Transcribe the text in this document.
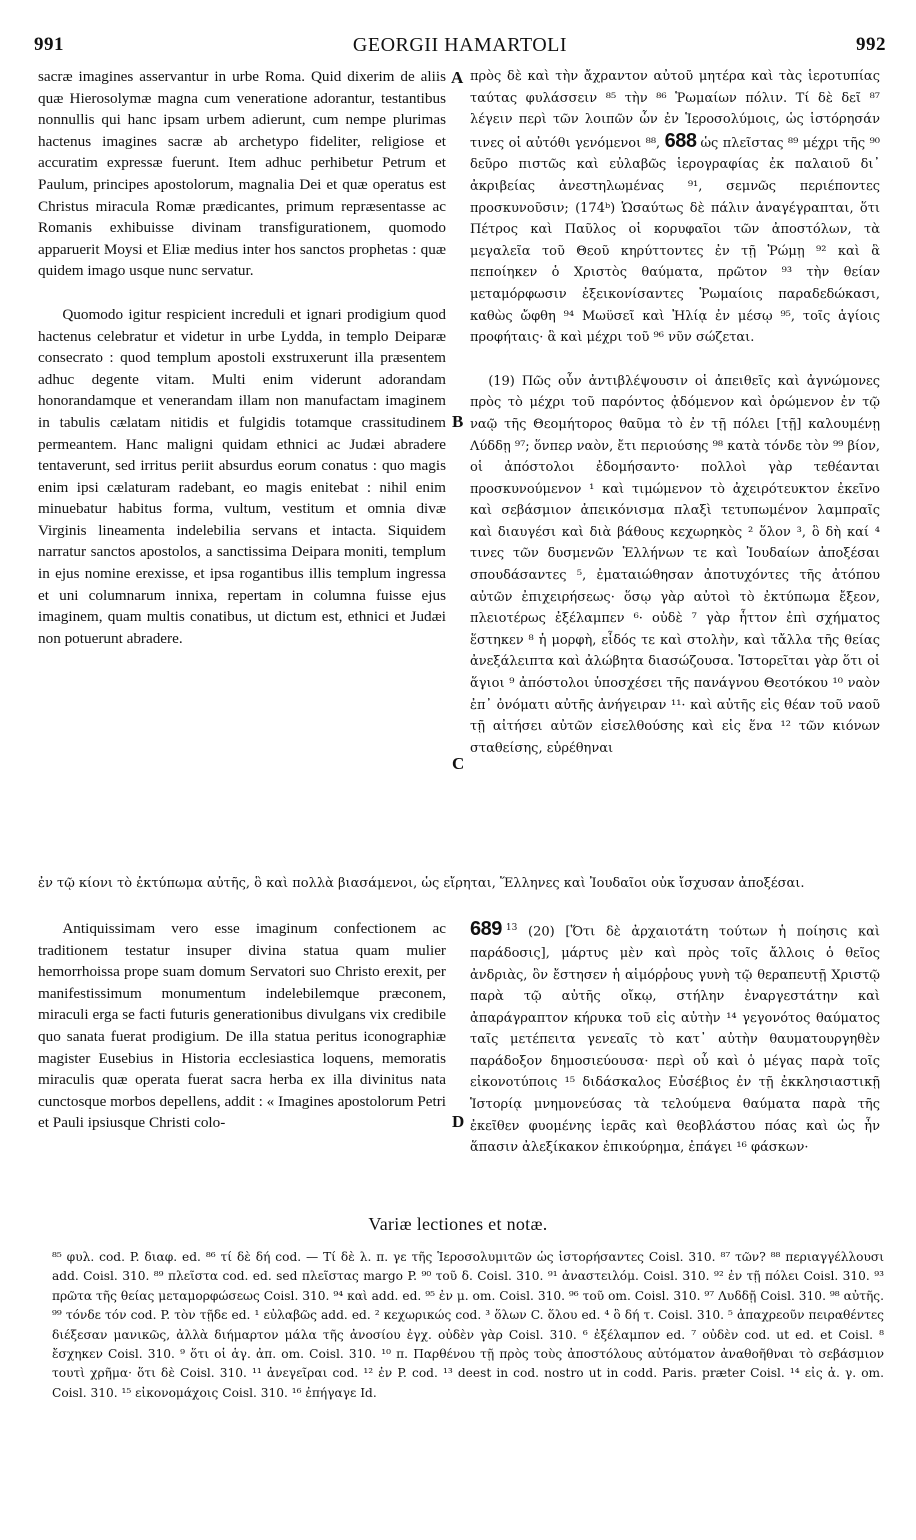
991	GEORGII HAMARTOLI	992
A
B
C
D

sacræ imagines asservantur in urbe Roma. Quid dixerim de aliis quæ Hierosolymæ magna cum veneratione adorantur, testantibus nonnullis qui hanc ipsam urbem adierunt, cum nempe plurimas hactenus imagines sacræ ab archetypo fideliter, religiose et accuratim expressæ fuerunt. Item adhuc perhibetur Petrum et Paulum, principes apostolorum, magnalia Dei et quæ operatus est Christus miracula Romæ prædicantes, primum repræsentasse ac Romanis exhibuisse divinam transfigurationem, quomodo apparuerit Moysi et Eliæ medius inter hos sanctos prophetas : quæ quidem imago usque nunc servatur.

Quomodo igitur respicient increduli et ignari prodigium quod hactenus celebratur et videtur in urbe Lydda, in templo Deiparæ consecrato : quod templum apostoli exstruxerunt illa præsentem adhuc degente vitam. Multi enim viderunt adorandam honorandamque et venerandam illam non manufactam imaginem in tabulis cælatam nitidis et fulgidis totamque crassitudinem permeantem. Hanc maligni quidam ethnici ac Judæi abradere tentaverunt, sed irritus periit absurdus eorum conatus : quo magis enim ipsi cælaturam radebant, eo magis enitebat : nihil enim minuebatur habitus forma, vultum, vestitum et omnia divæ Virginis lineamenta indelebilia servans et intacta. Siquidem narratur sanctos apostolos, a sanctissima Deipara moniti, templum in ejus nomine erexisse, et ipsa rogantibus illis templum ingressa et uni columnarum innixa, repertam in columna fuisse ejus imaginem, quam multis conatibus, ut dictum est, ethnici et Judæi non potuerunt abradere.

πρὸς δὲ καὶ τὴν ἄχραντον αὐτοῦ μητέρα καὶ τὰς ἱεροτυπίας ταύτας φυλάσσειν ⁸⁵ τὴν ⁸⁶ Ῥωμαίων πόλιν. Τί δὲ δεῖ ⁸⁷ λέγειν περὶ τῶν λοιπῶν ὧν ἐν Ἱεροσολύμοις, ὡς ἱστόρησάν τινες οἱ αὐτόθι γενόμενοι ⁸⁸, 688 ὡς πλεῖστας ⁸⁹ μέχρι τῆς ⁹⁰ δεῦρο πιστῶς καὶ εὐλαβῶς ἱερογραφίας ἐκ παλαιοῦ δι᾽ ἀκριβείας ἀνεστηλωμένας ⁹¹, σεμνῶς περιέποντες προσκυνοῦσιν; (174ᵇ) Ὡσαύτως δὲ πάλιν ἀναγέγραπται, ὅτι Πέτρος καὶ Παῦλος οἱ κορυφαῖοι τῶν ἀποστόλων, τὰ μεγαλεῖα τοῦ Θεοῦ κηρύττοντες ἐν τῇ Ῥώμῃ ⁹² καὶ ἃ πεποίηκεν ὁ Χριστὸς θαύματα, πρῶτον ⁹³ τὴν θείαν μεταμόρφωσιν ἐξεικονίσαντες Ῥωμαίοις παραδεδώκασι, καθὼς ὤφθη ⁹⁴ Μωϋσεῖ καὶ Ἠλίᾳ ἐν μέσῳ ⁹⁵, τοῖς ἁγίοις προφήταις· ἃ καὶ μέχρι τοῦ ⁹⁶ νῦν σώζεται.

(19) Πῶς οὖν ἀντιβλέψουσιν οἱ ἀπειθεῖς καὶ ἀγνώμονες πρὸς τὸ μέχρι τοῦ παρόντος ᾀδόμενον καὶ ὁρώμενον ἐν τῷ ναῷ τῆς Θεομήτορος θαῦμα τὸ ἐν τῇ πόλει [τῇ] καλουμένῃ Λύδδῃ ⁹⁷; ὅνπερ ναὸν, ἔτι περιούσης ⁹⁸ κατὰ τόνδε τὸν ⁹⁹ βίον, οἱ ἀπόστολοι ἐδομήσαντο· πολλοὶ γὰρ τεθέανται προσκυνούμενον ¹ καὶ τιμώμενον τὸ ἀχειρότευκτον ἐκεῖνο καὶ σεβάσμιον ἀπεικόνισμα πλαξὶ τετυπωμένον λαμπραῖς καὶ διαυγέσι καὶ διὰ βάθους κεχωρηκὸς ² ὅλον ³, ὃ δὴ καί ⁴ τινες τῶν δυσμενῶν Ἑλλήνων τε καὶ Ἰουδαίων ἀποξέσαι σπουδάσαντες ⁵, ἐματαιώθησαν ἀποτυχόντες τῆς ἀτόπου αὐτῶν ἐπιχειρήσεως· ὅσῳ γὰρ αὐτοὶ τὸ ἐκτύπωμα ἔξεον, πλειοτέρως ἐξέλαμπεν ⁶· οὐδὲ ⁷ γὰρ ἧττον ἐπὶ σχήματος ἕστηκεν ⁸ ἡ μορφὴ, εἶδός τε καὶ στολὴν, καὶ τἄλλα τῆς θείας ἀνεξάλειπτα καὶ ἀλώβητα διασώζουσα. Ἱστορεῖται γὰρ ὅτι οἱ ἅγιοι ⁹ ἀπόστολοι ὑποσχέσει τῆς πανάγνου Θεοτόκου ¹⁰ ναὸν ἐπ᾽ ὀνόματι αὐτῆς ἀνήγειραν ¹¹· καὶ αὐτῆς εἰς θέαν τοῦ ναοῦ τῇ αἰτήσει αὐτῶν εἰσελθούσης καὶ εἰς ἕνα ¹² τῶν κιόνων σταθείσης, εὑρέθηναι

ἐν τῷ κίονι τὸ ἐκτύπωμα αὐτῆς, ὃ καὶ πολλὰ βιασάμενοι, ὡς εἴρηται, Ἕλληνες καὶ Ἰουδαῖοι οὐκ ἴσχυσαν ἀποξέσαι.

Antiquissimam vero esse imaginum confectionem ac traditionem testatur insuper divina statua quam mulier hemorrhoissa prope suam domum Servatori suo Christo erexit, per manifestissimum monumentum indelebilemque præconem, miraculi erga se facti futuris generationibus divulgans vix credibile quo sanata fuerat prodigium. De illa statua peritus iconographiæ magister Eusebius in Historia ecclesiastica loquens, memoratis miraculis quæ operata fuerat sacra herba ex illa divinitus nata cunctosque morbos depellens, addit : « Imagines apostolorum Petri et Pauli ipsiusque Christi colo-

689 $^{13}$ (20) [Ὅτι δὲ ἀρχαιοτάτη τούτων ἡ ποίησις καὶ παράδοσις], μάρτυς μὲν καὶ πρὸς τοῖς ἄλλοις ὁ θεῖος ἀνδριὰς, ὃν ἔστησεν ἡ αἱμόρῥους γυνὴ τῷ θεραπευτῇ Χριστῷ παρὰ τῷ αὐτῆς οἴκῳ, στήλην ἐναργεστάτην καὶ ἀπαράγραπτον κήρυκα τοῦ εἰς αὐτὴν ¹⁴ γεγονότος θαύματος ταῖς μετέπειτα γενεαῖς τὸ κατ᾽ αὐτὴν θαυματουργηθὲν παράδοξον δημοσιεύουσα· περὶ οὗ καὶ ὁ μέγας παρὰ τοῖς εἰκονοτύποις ¹⁵ διδάσκαλος Εὐσέβιος ἐν τῇ ἐκκλησιαστικῇ Ἱστορίᾳ μνημονεύσας τὰ τελούμενα θαύματα παρὰ τῆς ἐκεῖθεν φυομένης ἱερᾶς καὶ θεοβλάστου πόας καὶ ὡς ἦν ἅπασιν ἀλεξίκακον ἐπικούρημα, ἐπάγει ¹⁶ φάσκων·

Variæ lectiones et notæ.

⁸⁵ φυλ. cod. P. διαφ. ed. ⁸⁶ τί δὲ δή cod. — Τί δὲ λ. π. γε τῆς Ἱεροσολυμιτῶν ὡς ἱστορήσαντες Coisl. 310. ⁸⁷ τῶν? ⁸⁸ περιαγγέλλουσι add. Coisl. 310. ⁸⁹ πλεῖστα cod. ed. sed πλεῖστας margo P. ⁹⁰ τοῦ δ. Coisl. 310. ⁹¹ ἀναστειλόμ. Coisl. 310. ⁹² ἐν τῇ πόλει Coisl. 310. ⁹³ πρῶτα τῆς θείας μεταμορφώσεως Coisl. 310. ⁹⁴ καὶ add. ed. ⁹⁵ ἐν μ. om. Coisl. 310. ⁹⁶ τοῦ om. Coisl. 310. ⁹⁷ Λυδδῇ Coisl. 310. ⁹⁸ αὐτῆς. ⁹⁹ τόνδε τόν cod. P. τὸν τῇδε ed. ¹ εὐλαβῶς add. ed. ² κεχωρικώς cod. ³ ὅλων C. ὅλου ed. ⁴ ὃ δή τ. Coisl. 310. ⁵ ἀπαχρεοῦν πειραθέντες διέξεσαν μανικῶς, ἀλλὰ διήμαρτον μάλα τῆς ἀνοσίου ἐγχ. οὐδὲν γὰρ Coisl. 310. ⁶ ἐξέλαμπον ed. ⁷ οὐδὲν cod. ut ed. et Coisl. ⁸ ἔσχηκεν Coisl. 310. ⁹ ὅτι οἱ ἁγ. ἀπ. om. Coisl. 310. ¹⁰ π. Παρθένου τῇ πρὸς τοὺς ἀποστόλους αὐτόματον ἀναθοῆθναι τὸ σεβάσμιον τουτὶ χρῆμα· ὅτι δὲ Coisl. 310. ¹¹ ἀνεγεῖραι cod. ¹² ἐν P. cod. ¹³ deest in cod. nostro ut in codd. Paris. præter Coisl. ¹⁴ εἰς ἀ. γ. om. Coisl. 310. ¹⁵ εἰκονομάχοις Coisl. 310. ¹⁶ ἐπήγαγε Id.
